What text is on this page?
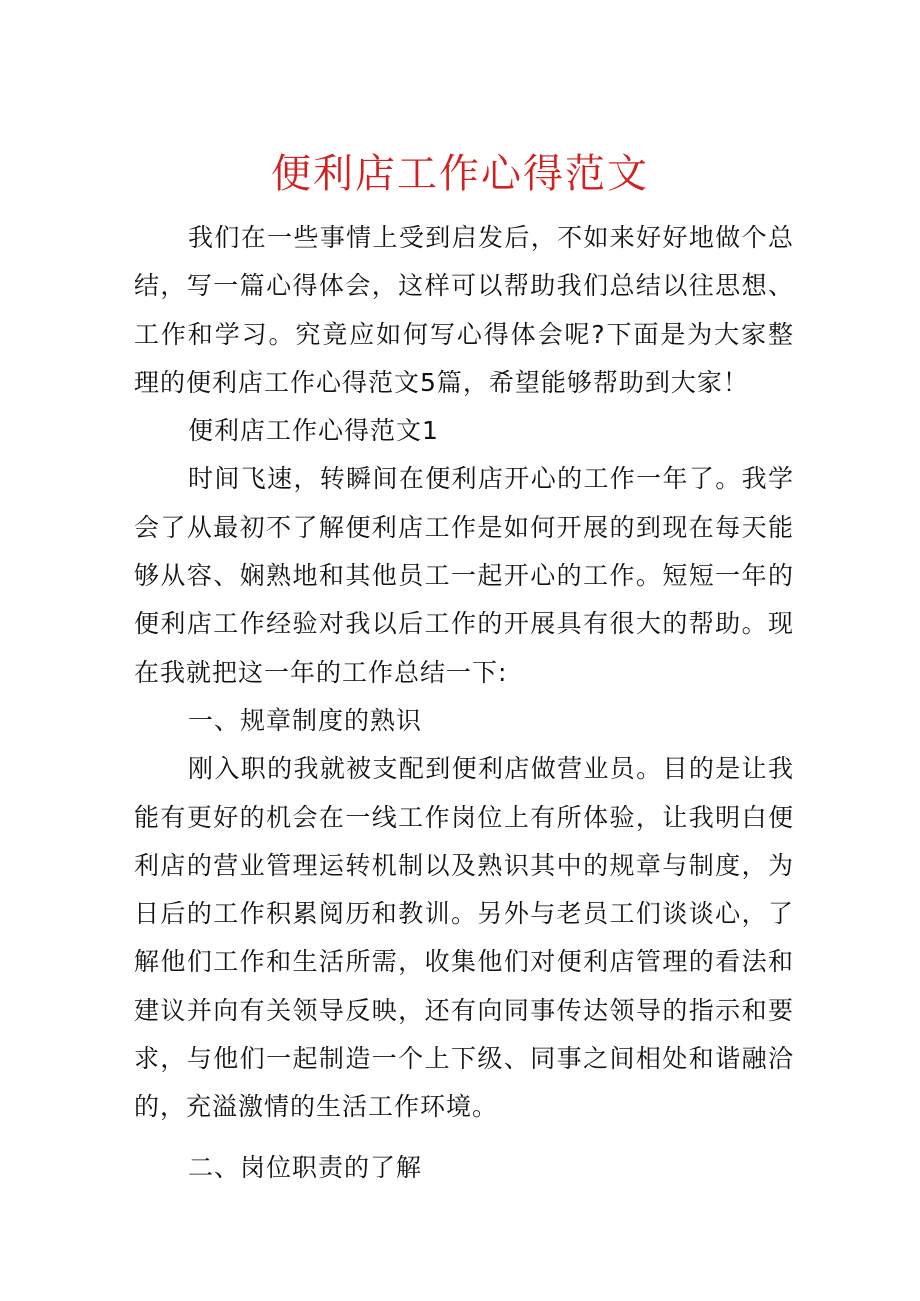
便利店工作心得范文

我们在一些事情上受到启发后，不如来好好地做个总结，写一篇心得体会，这样可以帮助我们总结以往思想、工作和学习。究竟应如何写心得体会呢?下面是为大家整理的便利店工作心得范文5篇，希望能够帮助到大家！

便利店工作心得范文1

时间飞速，转瞬间在便利店开心的工作一年了。我学会了从最初不了解便利店工作是如何开展的到现在每天能够从容、娴熟地和其他员工一起开心的工作。短短一年的便利店工作经验对我以后工作的开展具有很大的帮助。现在我就把这一年的工作总结一下:

一、规章制度的熟识

刚入职的我就被支配到便利店做营业员。目的是让我能有更好的机会在一线工作岗位上有所体验，让我明白便利店的营业管理运转机制以及熟识其中的规章与制度，为日后的工作积累阅历和教训。另外与老员工们谈谈心，了解他们工作和生活所需，收集他们对便利店管理的看法和建议并向有关领导反映，还有向同事传达领导的指示和要求，与他们一起制造一个上下级、同事之间相处和谐融洽的，充溢激情的生活工作环境。

二、岗位职责的了解
